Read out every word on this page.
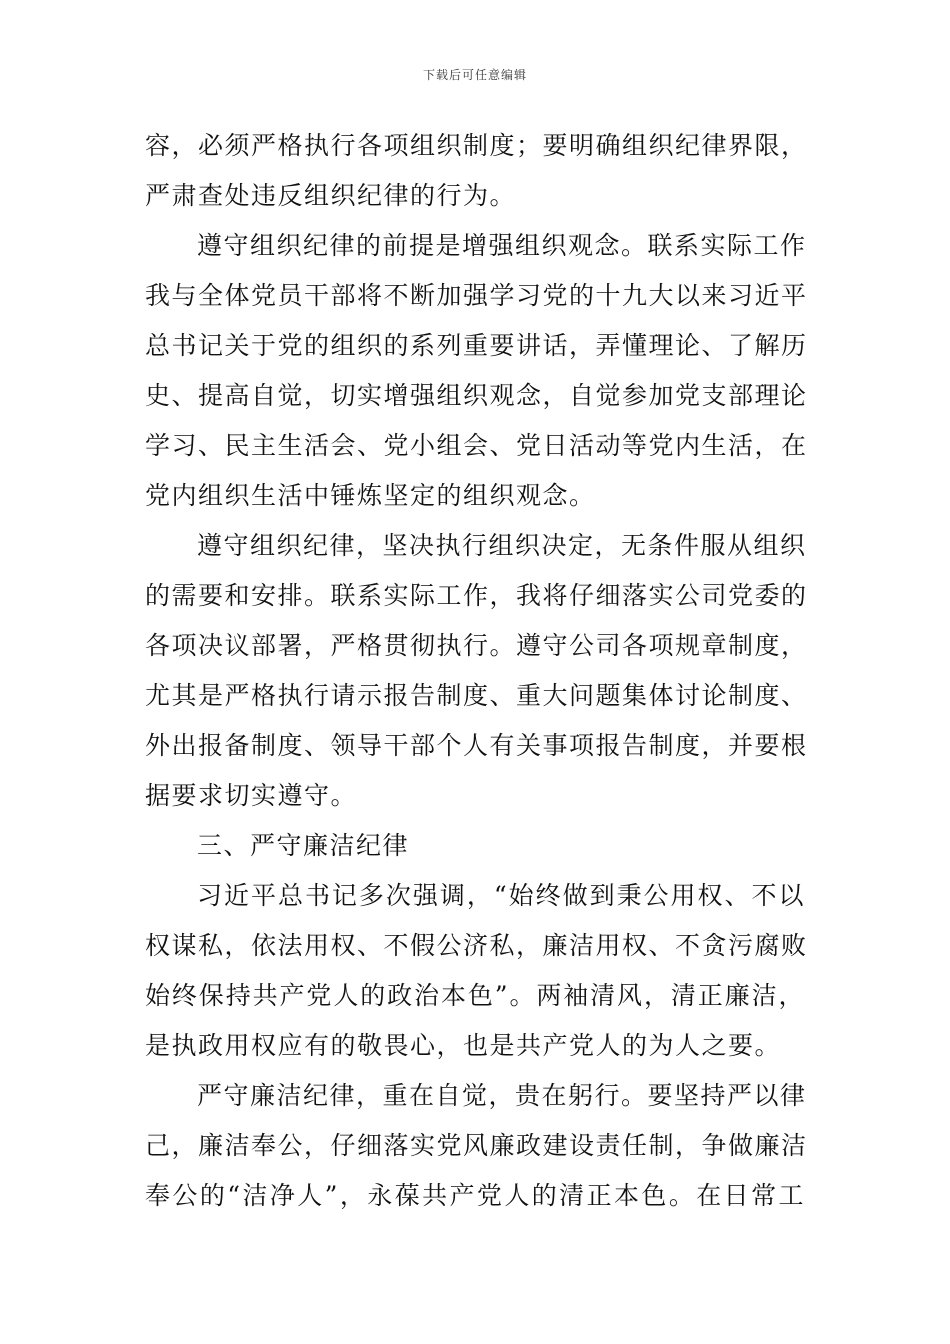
下载后可任意编辑
容，必须严格执行各项组织制度；要明确组织纪律界限，
严肃查处违反组织纪律的行为。
遵守组织纪律的前提是增强组织观念。联系实际工作
我与全体党员干部将不断加强学习党的十九大以来习近平
总书记关于党的组织的系列重要讲话，弄懂理论、了解历
史、提高自觉，切实增强组织观念，自觉参加党支部理论
学习、民主生活会、党小组会、党日活动等党内生活，在
党内组织生活中锤炼坚定的组织观念。
遵守组织纪律，坚决执行组织决定，无条件服从组织
的需要和安排。联系实际工作，我将仔细落实公司党委的
各项决议部署，严格贯彻执行。遵守公司各项规章制度，
尤其是严格执行请示报告制度、重大问题集体讨论制度、
外出报备制度、领导干部个人有关事项报告制度，并要根
据要求切实遵守。
三、严守廉洁纪律
习近平总书记多次强调，“始终做到秉公用权、不以
权谋私，依法用权、不假公济私，廉洁用权、不贪污腐败
始终保持共产党人的政治本色”。两袖清风，清正廉洁，
是执政用权应有的敬畏心，也是共产党人的为人之要。
严守廉洁纪律，重在自觉，贵在躬行。要坚持严以律
己，廉洁奉公，仔细落实党风廉政建设责任制，争做廉洁
奉公的“洁净人”，永葆共产党人的清正本色。在日常工
